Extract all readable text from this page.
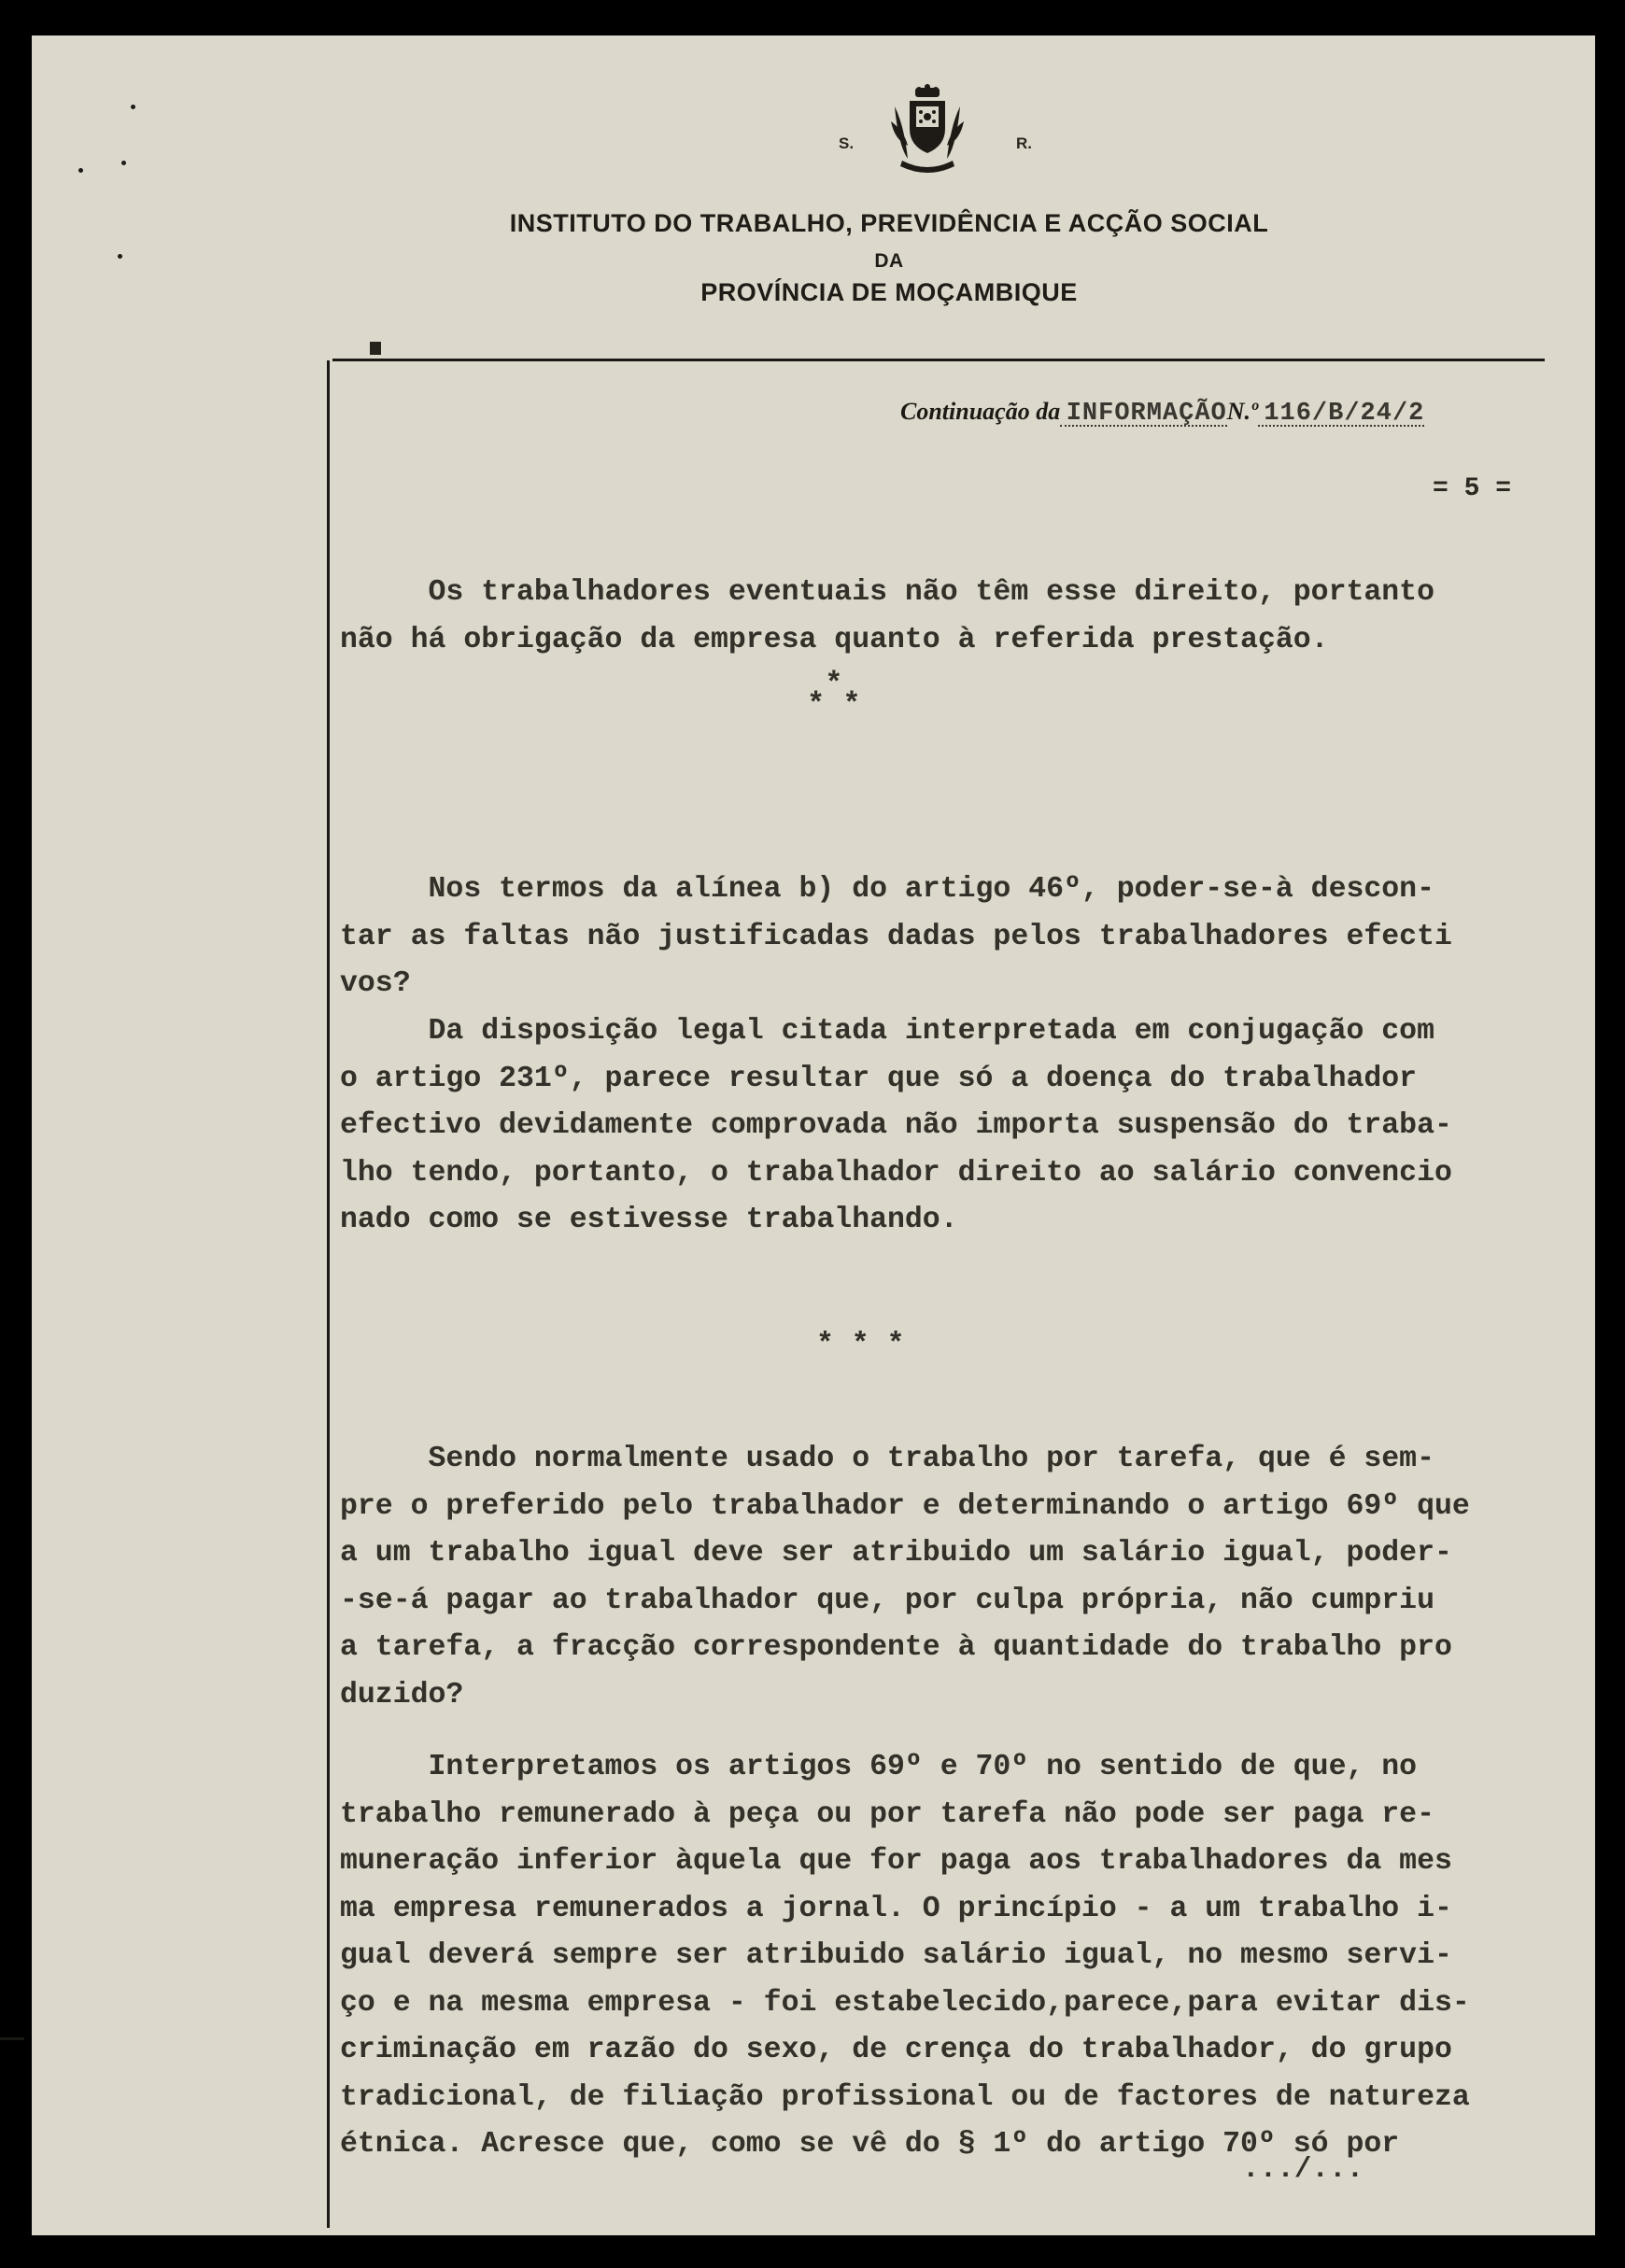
S.	R.
INSTITUTO DO TRABALHO, PREVIDÊNCIA E ACÇÃO SOCIAL
DA
PROVÍNCIA DE MOÇAMBIQUE
Continuação da INFORMAÇÃON.º 116/B/24/2
= 5 =

Os trabalhadores eventuais não têm esse direito, portanto
não há obrigação da empresa quanto à referida prestação.

*
* *

Nos termos da alínea b) do artigo 46º, poder-se-à descon-
tar as faltas não justificadas dadas pelos trabalhadores efecti
vos?

Da disposição legal citada interpretada em conjugação com
o artigo 231º, parece resultar que só a doença do trabalhador
efectivo devidamente comprovada não importa suspensão do traba-
lho tendo, portanto, o trabalhador direito ao salário convencio
nado como se estivesse trabalhando.

* * *

Sendo normalmente usado o trabalho por tarefa, que é sem-
pre o preferido pelo trabalhador e determinando o artigo 69º que
a um trabalho igual deve ser atribuido um salário igual, poder-
-se-á pagar ao trabalhador que, por culpa própria, não cumpriu
a tarefa, a fracção correspondente à quantidade do trabalho pro
duzido?

Interpretamos os artigos 69º e 70º no sentido de que, no
trabalho remunerado à peça ou por tarefa não pode ser paga re-
muneração inferior àquela que for paga aos trabalhadores da mes
ma empresa remunerados a jornal. O princípio - a um trabalho i-
gual deverá sempre ser atribuido salário igual, no mesmo servi-
ço e na mesma empresa - foi estabelecido,parece,para evitar dis-
criminação em razão do sexo, de crença do trabalhador, do grupo
tradicional, de filiação profissional ou de factores de natureza
étnica. Acresce que, como se vê do § 1º do artigo 70º só por

.../...
